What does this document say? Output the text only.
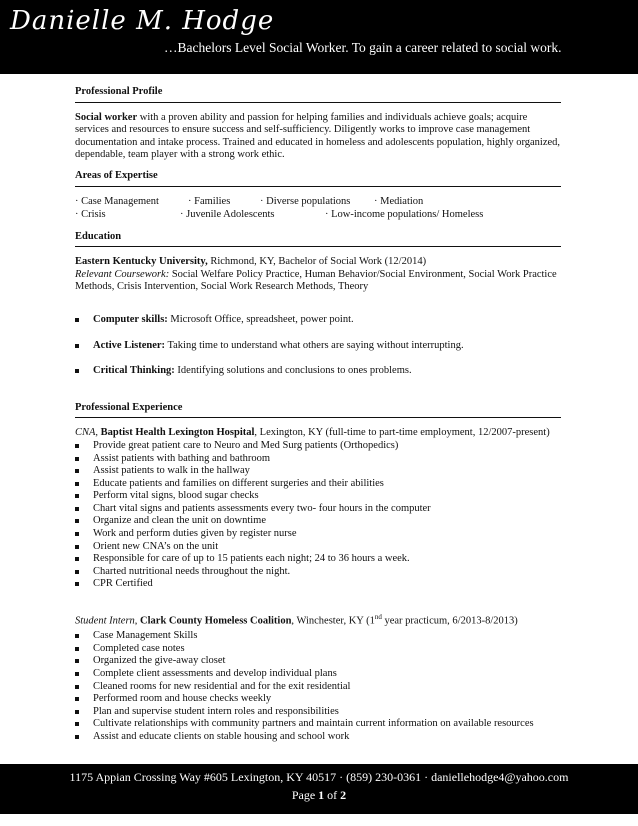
Danielle M. Hodge
…Bachelors Level Social Worker. To gain a career related to social work.
Professional Profile

Social worker with a proven ability and passion for helping families and individuals achieve goals; acquire services and resources to ensure success and self-sufficiency. Diligently works to improve case management documentation and intake process. Trained and educated in homeless and adolescents population, highly organized, dependable, team player with a strong work ethic.

Areas of Expertise
· Case Management	· Families	· Diverse populations	· Mediation
· Crisis	· Juvenile Adolescents	· Low-income populations/ Homeless
Education

Eastern Kentucky University, Richmond, KY, Bachelor of Social Work (12/2014)

Relevant Coursework: Social Welfare Policy Practice, Human Behavior/Social Environment, Social Work Practice Methods, Crisis Intervention, Social Work Research Methods, Theory

Computer skills: Microsoft Office, spreadsheet, power point.
Active Listener: Taking time to understand what others are saying without interrupting.
Critical Thinking: Identifying solutions and conclusions to ones problems.
Professional Experience

CNA, Baptist Health Lexington Hospital, Lexington, KY (full-time to part-time employment, 12/2007-present)

Provide great patient care to Neuro and Med Surg patients (Orthopedics)
Assist patients with bathing and bathroom
Assist patients to walk in the hallway
Educate patients and families on different surgeries and their abilities
Perform vital signs, blood sugar checks
Chart vital signs and patients assessments every two- four hours in the computer
Organize and clean the unit on downtime
Work and perform duties given by register nurse
Orient new CNA’s on the unit
Responsible for care of up to 15 patients each night; 24 to 36 hours a week.
Charted nutritional needs throughout the night.
CPR Certified

Student Intern, Clark County Homeless Coalition, Winchester, KY (1nd year practicum, 6/2013-8/2013)

Case Management Skills
Completed case notes
Organized the give-away closet
Complete client assessments and develop individual plans
Cleaned rooms for new residential and for the exit residential
Performed room and house checks weekly
Plan and supervise student intern roles and responsibilities
Cultivate relationships with community partners and maintain current information on available resources
Assist and educate clients on stable housing and school work
1175 Appian Crossing Way #605 Lexington, KY 40517 · (859) 230-0361 · daniellehodge4@yahoo.com
Page 1 of 2
